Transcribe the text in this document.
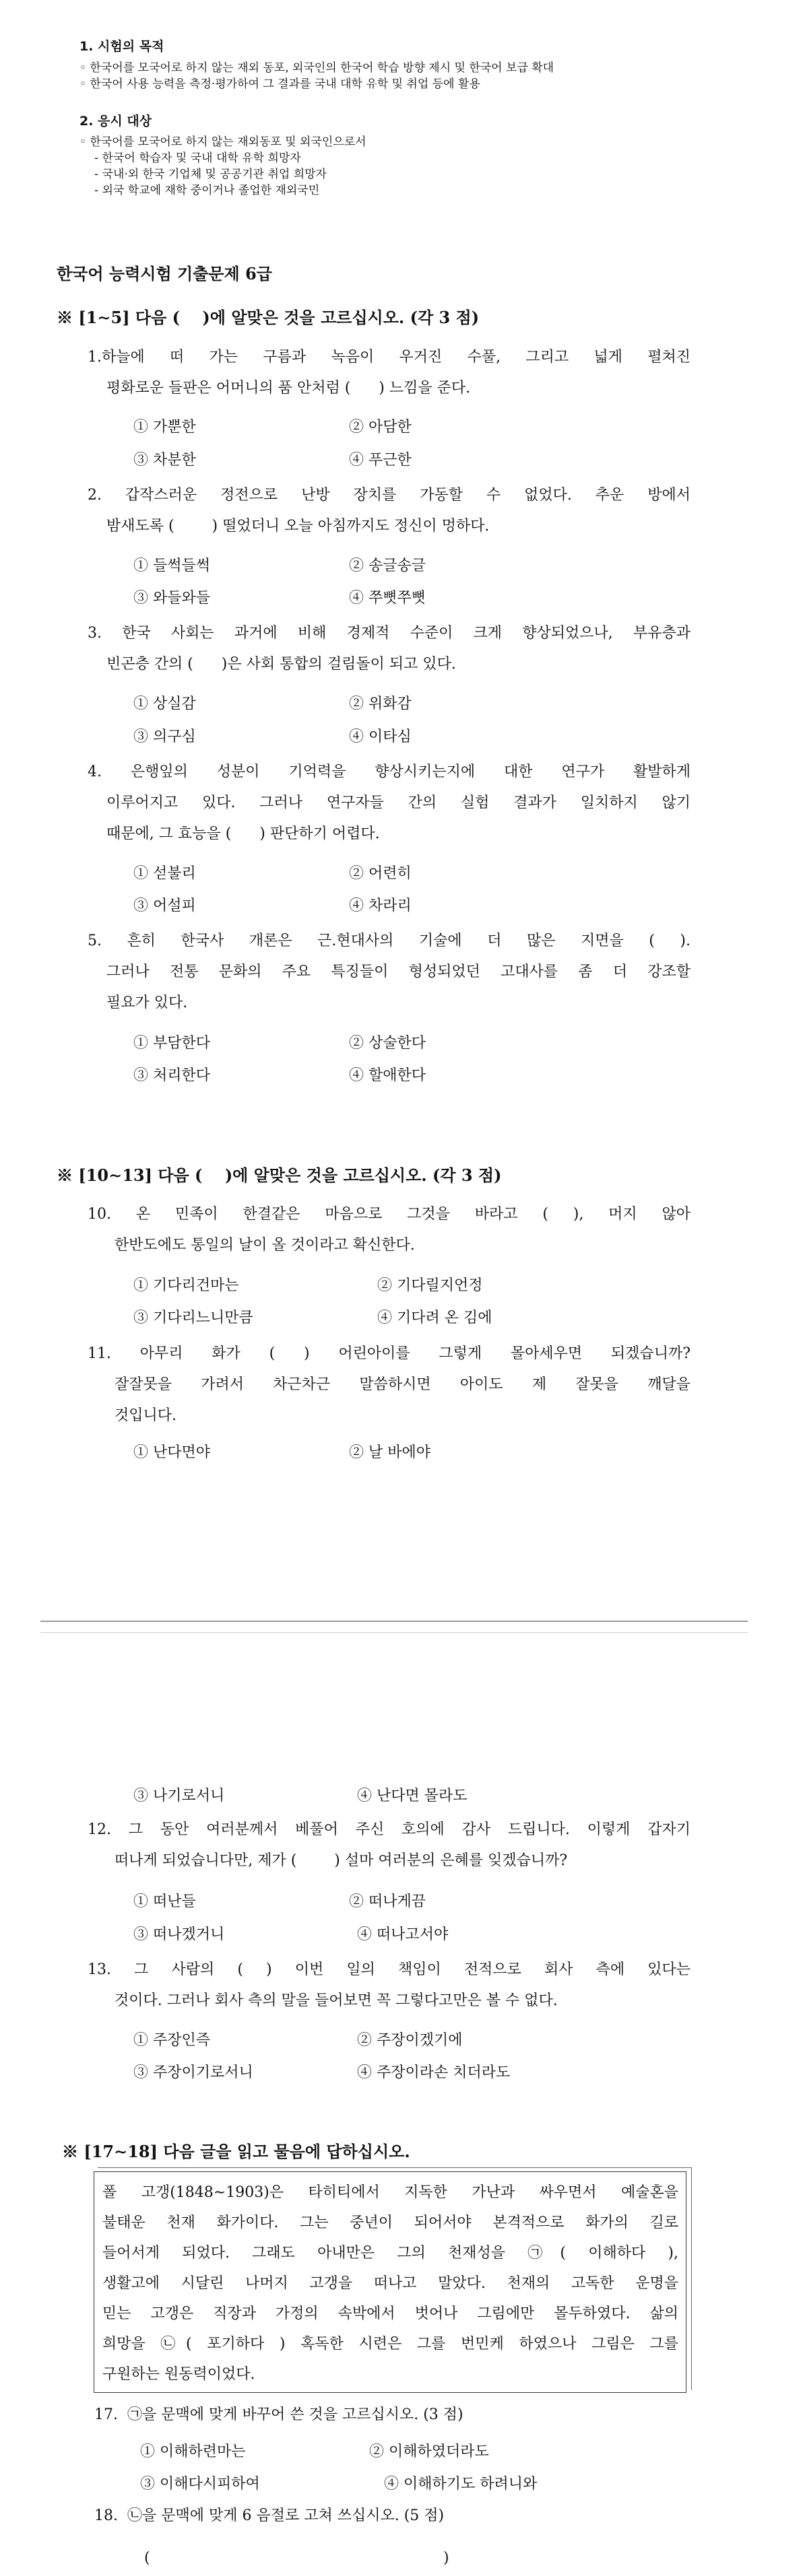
1. 시험의 목적
◦ 한국어를 모국어로 하지 않는 재외 동포, 외국인의 한국어 학습 방향 제시 및 한국어 보급 확대
◦ 한국어 사용 능력을 측정·평가하여 그 결과를 국내 대학 유학 및 취업 등에 활용
2. 응시 대상
◦ 한국어를 모국어로 하지 않는 재외동포 및 외국인으로서
- 한국어 학습자 및 국내 대학 유학 희망자
- 국내·외 한국 기업체 및 공공기관 취업 희망자
- 외국 학교에 재학 중이거나 졸업한 재외국민
한국어 능력시험 기출문제 6급
※ [1∼5] 다음 (    )에 알맞은 것을 고르십시오. (각 3 점)
1.하늘에 떠 가는 구름과 녹음이 우거진 수풀, 그리고 넓게 펼쳐진
평화로운 들판은 어머니의 품 안처럼 (      ) 느낌을 준다.
① 가뿐한	② 아담한
③ 차분한	④ 푸근한
2. 갑작스러운 정전으로 난방 장치를 가동할 수 없었다. 추운 방에서
밤새도록 (        ) 떨었더니 오늘 아침까지도 정신이 멍하다.
① 들썩들썩	② 송글송글
③ 와들와들	④ 쭈뼛쭈뼛
3. 한국 사회는 과거에 비해 경제적 수준이 크게 향상되었으나, 부유층과
빈곤층 간의 (      )은 사회 통합의 걸림돌이 되고 있다.
① 상실감	② 위화감
③ 의구심	④ 이타심
4. 은행잎의 성분이 기억력을 향상시키는지에 대한 연구가 활발하게
이루어지고 있다. 그러나 연구자들 간의 실험 결과가 일치하지 않기
때문에, 그 효능을 (      ) 판단하기 어렵다.
① 섣불리	② 어련히
③ 어설피	④ 차라리
5. 흔히 한국사 개론은 근.현대사의 기술에 더 많은 지면을 ( ).
그러나 전통 문화의 주요 특징들이 형성되었던 고대사를 좀 더 강조할
필요가 있다.
① 부담한다	② 상술한다
③ 처리한다	④ 할애한다
※ [10∼13] 다음 (    )에 알맞은 것을 고르십시오. (각 3 점)
10. 온 민족이 한결같은 마음으로 그것을 바라고 ( ), 머지 않아
한반도에도 통일의 날이 올 것이라고 확신한다.
① 기다리건마는	② 기다릴지언정
③ 기다리느니만큼	④ 기다려 온 김에
11. 아무리 화가 ( ) 어린아이를 그렇게 몰아세우면 되겠습니까?
잘잘못을 가려서 차근차근 말씀하시면 아이도 제 잘못을 깨달을
것입니다.
① 난다면야	② 날 바에야
③ 나기로서니	④ 난다면 몰라도
12. 그 동안 여러분께서 베풀어 주신 호의에 감사 드립니다. 이렇게 갑자기
떠나게 되었습니다만, 제가 (        ) 설마 여러분의 은혜를 잊겠습니까?
① 떠난들	② 떠나게끔
③ 떠나겠거니	④ 떠나고서야
13. 그 사람의 ( ) 이번 일의 책임이 전적으로 회사 측에 있다는
것이다. 그러나 회사 측의 말을 들어보면 꼭 그렇다고만은 볼 수 없다.
① 주장인즉	② 주장이겠기에
③ 주장이기로서니	④ 주장이라손 치더라도
※ [17∼18] 다음 글을 읽고 물음에 답하십시오.
폴 고갱(1848∼1903)은 타히티에서 지독한 가난과 싸우면서 예술혼을
불태운 천재 화가이다. 그는 중년이 되어서야 본격적으로 화가의 길로
들어서게 되었다. 그래도 아내만은 그의 천재성을 ㉠( 이해하다 ),
생활고에 시달린 나머지 고갱을 떠나고 말았다. 천재의 고독한 운명을
믿는 고갱은 직장과 가정의 속박에서 벗어나 그림에만 몰두하였다. 삶의
희망을 ㉡( 포기하다 ) 혹독한 시련은 그를 번민케 하였으나 그림은 그를
구원하는 원동력이었다.
17.  ㉠을 문맥에 맞게 바꾸어 쓴 것을 고르십시오. (3 점)
① 이해하련마는	② 이해하였더라도
③ 이해다시피하여	④ 이해하기도 하려니와
18.  ㉡을 문맥에 맞게 6 음절로 고쳐 쓰십시오. (5 점)
(	)
